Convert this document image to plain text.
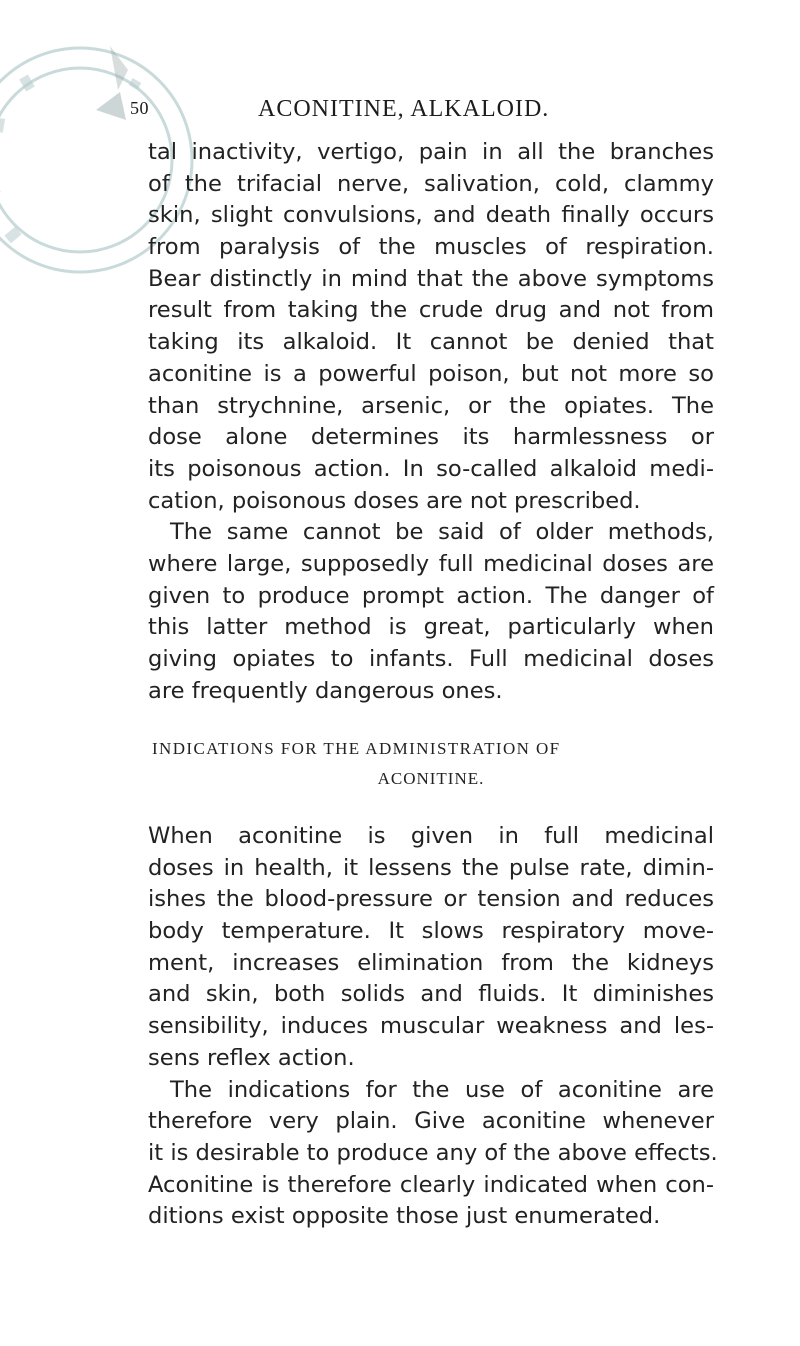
50	ACONITINE, ALKALOID.
tal inactivity, vertigo, pain in all the branches
of the trifacial nerve, salivation, cold, clammy
skin, slight convulsions, and death finally occurs
from paralysis of the muscles of respiration.
Bear distinctly in mind that the above symptoms
result from taking the crude drug and not from
taking its alkaloid. It cannot be denied that
aconitine is a powerful poison, but not more so
than strychnine, arsenic, or the opiates. The
dose alone determines its harmlessness or
its poisonous action. In so-called alkaloid medi-
cation, poisonous doses are not prescribed.
The same cannot be said of older methods,
where large, supposedly full medicinal doses are
given to produce prompt action. The danger of
this latter method is great, particularly when
giving opiates to infants. Full medicinal doses
are frequently dangerous ones.
INDICATIONS FOR THE ADMINISTRATION OF
ACONITINE.
When aconitine is given in full medicinal
doses in health, it lessens the pulse rate, dimin-
ishes the blood-pressure or tension and reduces
body temperature. It slows respiratory move-
ment, increases elimination from the kidneys
and skin, both solids and fluids. It diminishes
sensibility, induces muscular weakness and les-
sens reflex action.
The indications for the use of aconitine are
therefore very plain. Give aconitine whenever
it is desirable to produce any of the above effects.
Aconitine is therefore clearly indicated when con-
ditions exist opposite those just enumerated.
